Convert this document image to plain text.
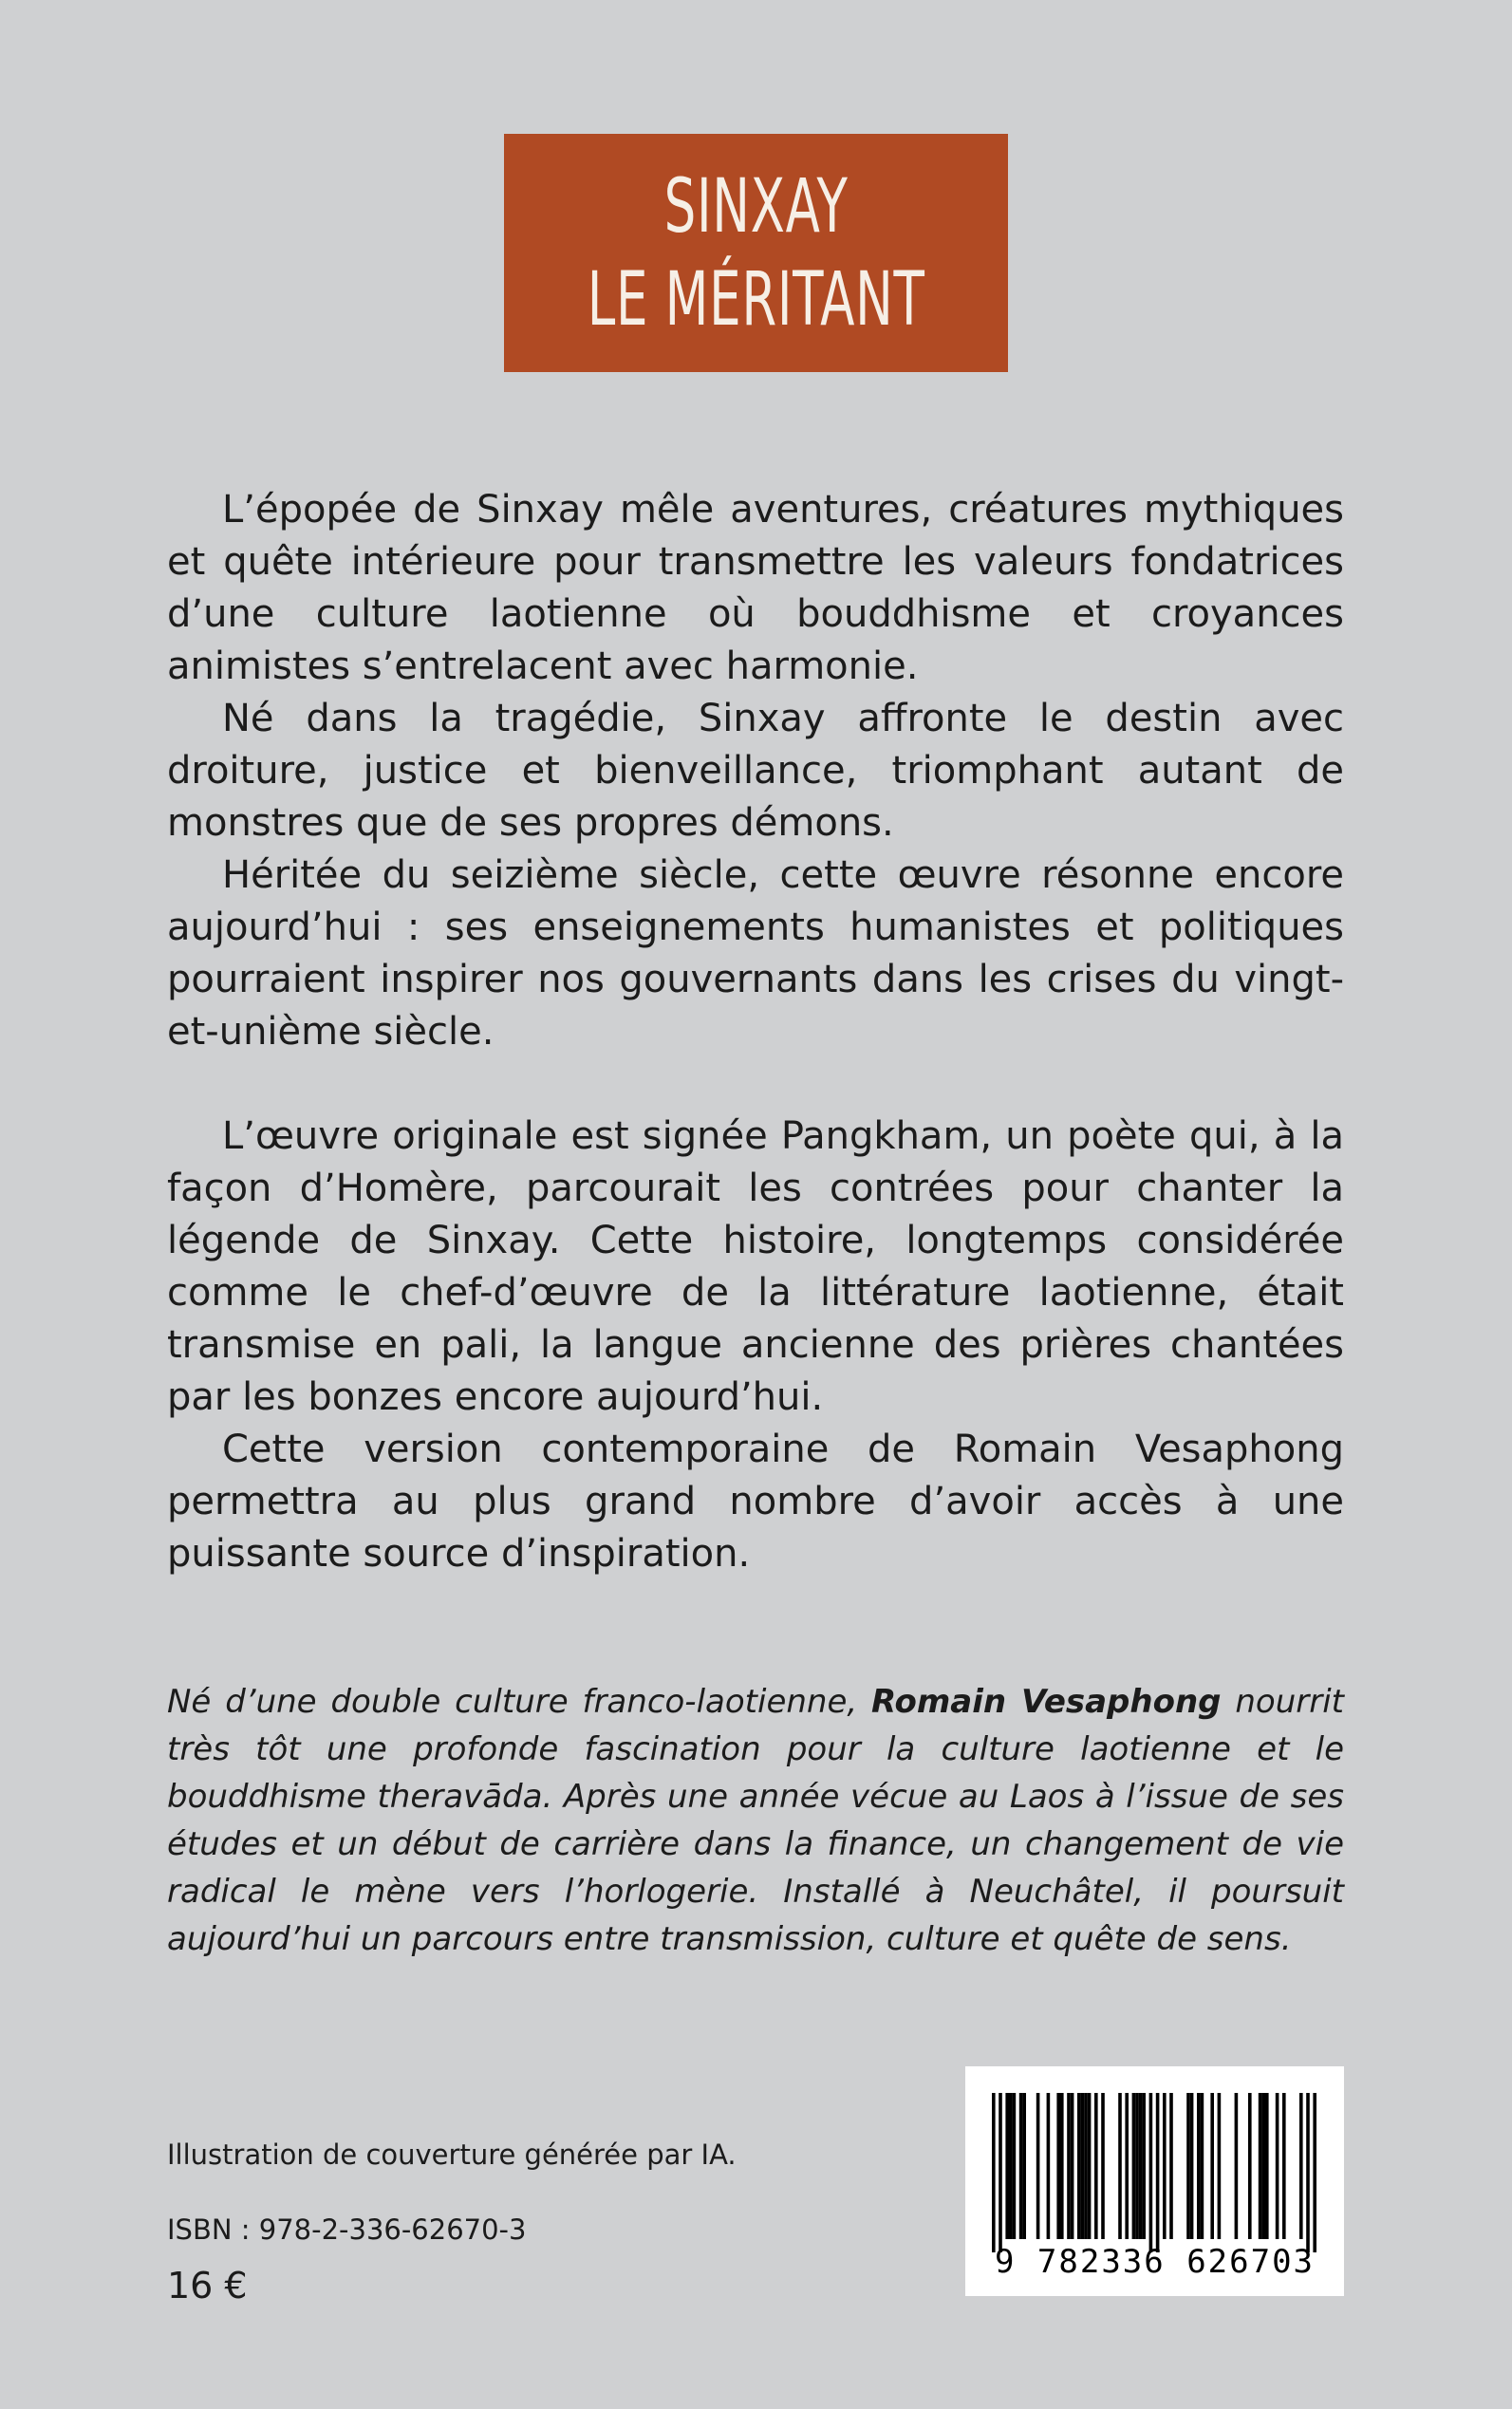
SINXAY
LE MÉRITANT

L’épopée de Sinxay mêle aventures, créatures mythiques et quête intérieure pour transmettre les valeurs fondatrices d’une culture laotienne où bouddhisme et croyances animistes s’entrelacent avec harmonie.

Né dans la tragédie, Sinxay affronte le destin avec droiture, justice et bienveillance, triomphant autant de monstres que de ses propres démons.

Héritée du seizième siècle, cette œuvre résonne encore aujourd’hui : ses enseignements humanistes et politiques pourraient inspirer nos gouvernants dans les crises du vingt-et-unième siècle.

L’œuvre originale est signée Pangkham, un poète qui, à la façon d’Homère, parcourait les contrées pour chanter la légende de Sinxay. Cette histoire, longtemps considérée comme le chef-d’œuvre de la littérature laotienne, était transmise en pali, la langue ancienne des prières chantées par les bonzes encore aujourd’hui.

Cette version contemporaine de Romain Vesaphong permettra au plus grand nombre d’avoir accès à une puissante source d’inspiration.

Né d’une double culture franco-laotienne, Romain Vesaphong nourrit très tôt une profonde fascination pour la culture laotienne et le bouddhisme theravāda. Après une année vécue au Laos à l’issue de ses études et un début de carrière dans la finance, un changement de vie radical le mène vers l’horlogerie. Installé à Neuchâtel, il poursuit aujourd’hui un parcours entre transmission, culture et quête de sens.

Illustration de couverture générée par IA.
ISBN : 978-2-336-62670-3
16 €
9 782336 626703
